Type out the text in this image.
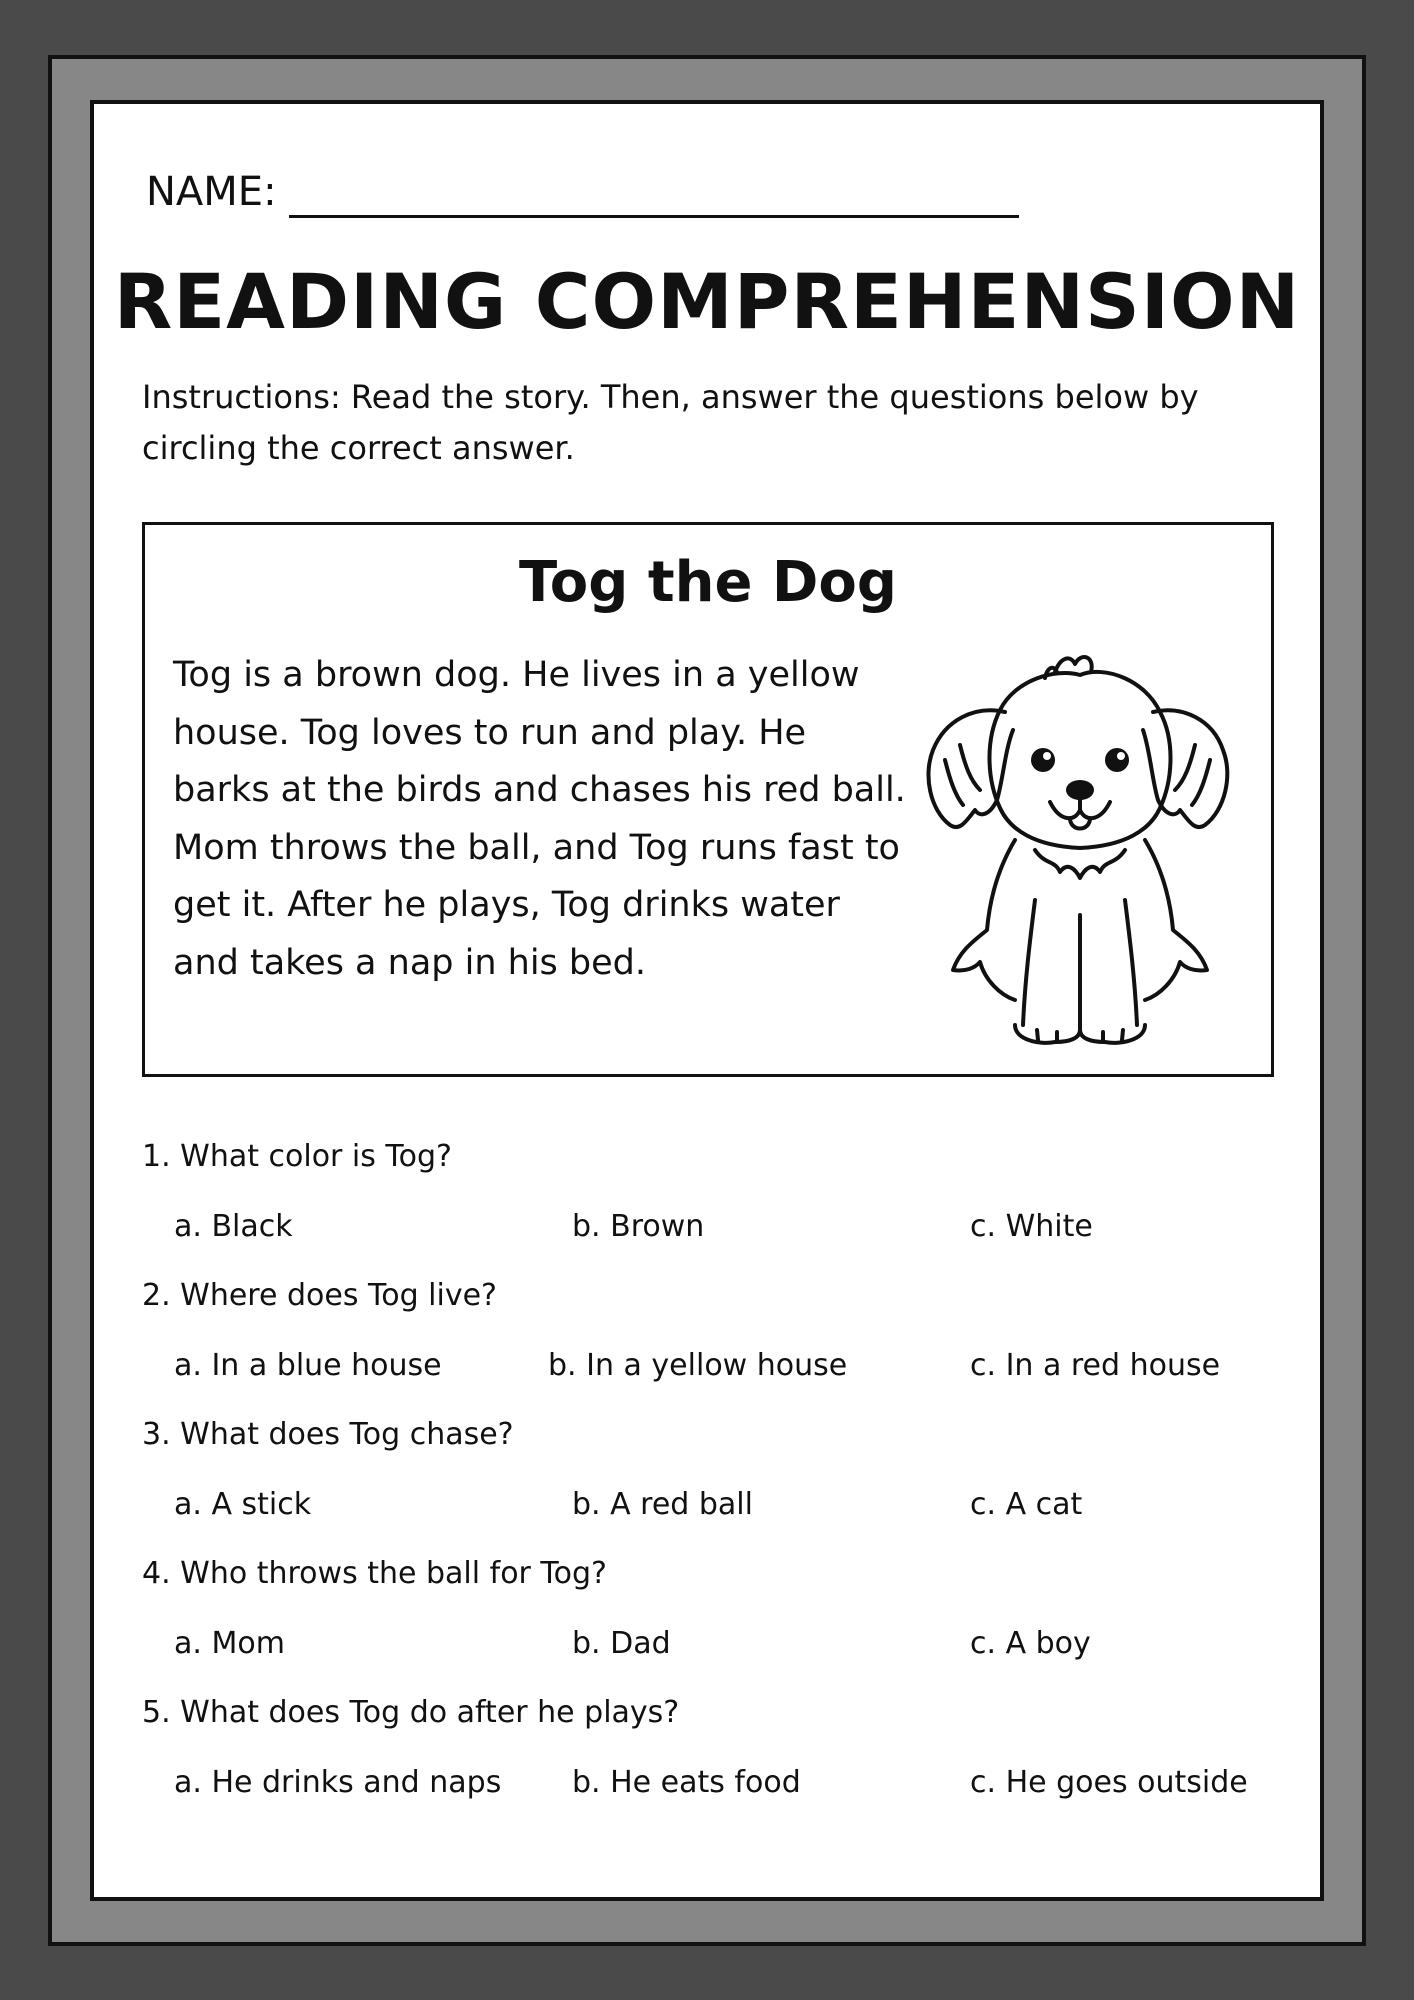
NAME:
READING COMPREHENSION
Instructions: Read the story. Then, answer the questions below by circling the correct answer.
Tog the Dog
Tog is a brown dog. He lives in a yellow house. Tog loves to run and play. He barks at the birds and chases his red ball. Mom throws the ball, and Tog runs fast to get it. After he plays, Tog drinks water and takes a nap in his bed.
1. What color is Tog?
a. Black	b. Brown	c. White
2. Where does Tog live?
a. In a blue house	b. In a yellow house	c. In a red house
3. What does Tog chase?
a. A stick	b. A red ball	c. A cat
4. Who throws the ball for Tog?
a. Mom	b. Dad	c. A boy
5. What does Tog do after he plays?
a. He drinks and naps b. He eats food	c. He goes outside
